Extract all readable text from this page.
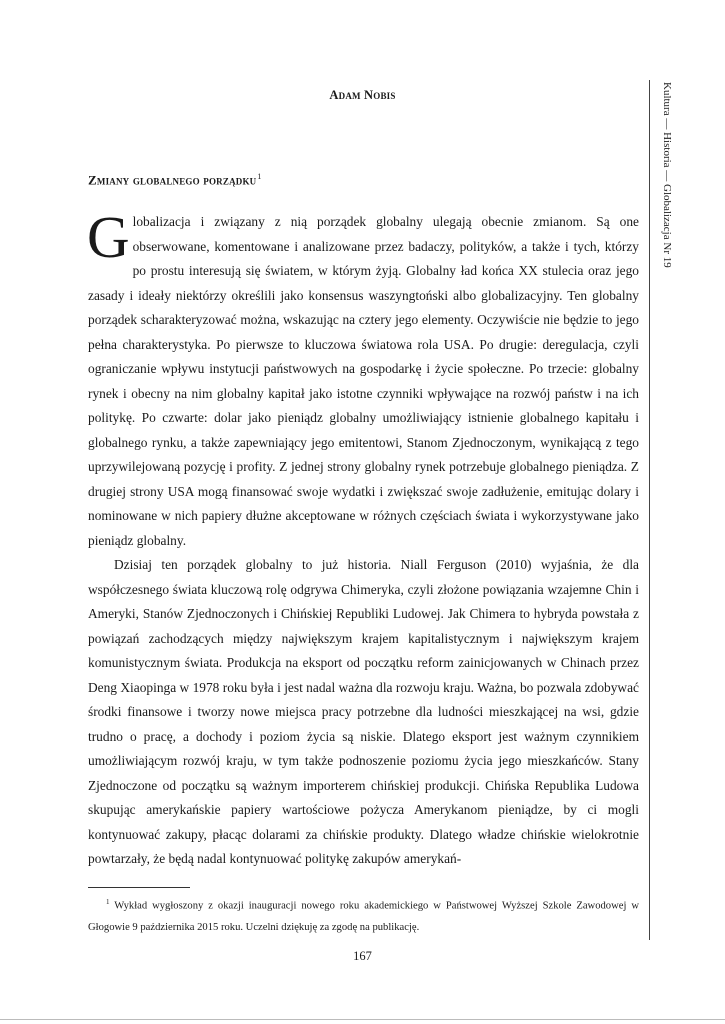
Adam Nobis
Zmiany globalnego porządku$^1$	Kultura — Historia — Globalizacja Nr 19

Globalizacja i związany z nią porządek globalny ulegają obecnie zmianom. Są one obserwowane, komentowane i analizowane przez badaczy, polityków, a także i tych, którzy po prostu interesują się światem, w którym żyją. Globalny ład końca XX stulecia oraz jego zasady i ideały niektórzy określili jako konsensus waszyngtoński albo globalizacyjny. Ten globalny porządek scharakteryzować można, wskazując na cztery jego elementy. Oczywiście nie będzie to jego pełna charakterystyka. Po pierwsze to kluczowa światowa rola USA. Po drugie: deregulacja, czyli ograniczanie wpływu instytucji państwowych na gospodarkę i życie społeczne. Po trzecie: globalny rynek i obecny na nim globalny kapitał jako istotne czynniki wpływające na rozwój państw i na ich politykę. Po czwarte: dolar jako pieniądz globalny umożliwiający istnienie globalnego kapitału i globalnego rynku, a także zapewniający jego emitentowi, Stanom Zjednoczonym, wynikającą z tego uprzywilejowaną pozycję i profity. Z jednej strony globalny rynek potrzebuje globalnego pieniądza. Z drugiej strony USA mogą finansować swoje wydatki i zwiększać swoje zadłużenie, emitując dolary i nominowane w nich papiery dłużne akceptowane w różnych częściach świata i wykorzystywane jako pieniądz globalny.

Dzisiaj ten porządek globalny to już historia. Niall Ferguson (2010) wyjaśnia, że dla współczesnego świata kluczową rolę odgrywa Chimeryka, czyli złożone powiązania wzajemne Chin i Ameryki, Stanów Zjednoczonych i Chińskiej Republiki Ludowej. Jak Chimera to hybryda powstała z powiązań zachodzących między największym krajem kapitalistycznym i największym krajem komunistycznym świata. Produkcja na eksport od początku reform zainicjowanych w Chinach przez Deng Xiaopinga w 1978 roku była i jest nadal ważna dla rozwoju kraju. Ważna, bo pozwala zdobywać środki finansowe i tworzy nowe miejsca pracy potrzebne dla ludności mieszkającej na wsi, gdzie trudno o pracę, a dochody i poziom życia są niskie. Dlatego eksport jest ważnym czynnikiem umożliwiającym rozwój kraju, w tym także podnoszenie poziomu życia jego mieszkańców. Stany Zjednoczone od początku są ważnym importerem chińskiej produkcji. Chińska Republika Ludowa skupując amerykańskie papiery wartościowe pożycza Amerykanom pieniądze, by ci mogli kontynuować zakupy, płacąc dolarami za chińskie produkty. Dlatego władze chińskie wielokrotnie powtarzały, że będą nadal kontynuować politykę zakupów amerykań-

$^1$ Wykład wygłoszony z okazji inauguracji nowego roku akademickiego w Państwowej Wyższej Szkole Zawodowej w Głogowie 9 października 2015 roku. Uczelni dziękuję za zgodę na publikację.
167
